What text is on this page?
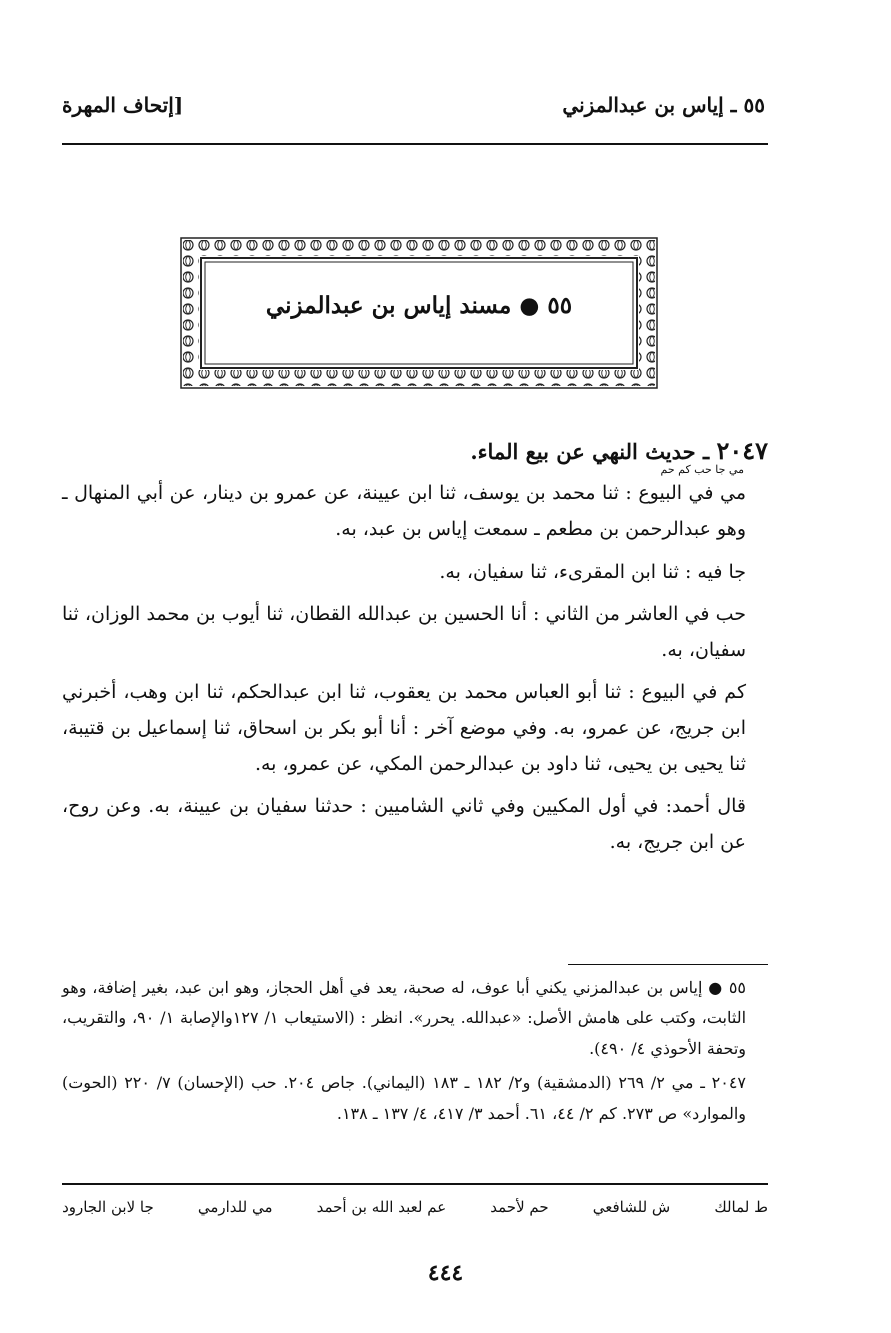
٥٥ ـ إياس بن عبدالمزني
[إتحاف المهرة
٥٥ ● مسند إياس بن عبدالمزني
٢٠٤٧ ـ حديث النهي عن بيع الماء.
مي جا حب كم حم

مي في البيوع : ثنا محمد بن يوسف، ثنا ابن عيينة، عن عمرو بن دينار، عن أبي المنهال ـ وهو عبدالرحمن بن مطعم ـ سمعت إياس بن عبد، به.

جا فيه : ثنا ابن المقرىء، ثنا سفيان، به.

حب في العاشر من الثاني : أنا الحسين بن عبدالله القطان، ثنا أيوب بن محمد الوزان، ثنا سفيان، به.

كم في البيوع : ثنا أبو العباس محمد بن يعقوب، ثنا ابن عبدالحكم، ثنا ابن وهب، أخبرني ابن جريج، عن عمرو، به. وفي موضع آخر : أنا أبو بكر بن اسحاق، ثنا إسماعيل بن قتيبة، ثنا يحيى بن يحيى، ثنا داود بن عبدالرحمن المكي، عن عمرو، به.

قال أحمد: في أول المكيين وفي ثاني الشاميين : حدثنا سفيان بن عيينة، به. وعن روح، عن ابن جريج، به.

٥٥ ● إياس بن عبدالمزني يكني أبا عوف، له صحبة، يعد في أهل الحجاز، وهو ابن عبد، بغير إضافة، وهو الثابت، وكتب على هامش الأصل: «عبدالله. يحرر». انظر : (الاستيعاب ١/ ١٢٧والإصابة ١/ ٩٠، والتقريب، وتحفة الأحوذي ٤/ ٤٩٠).

٢٠٤٧ ـ مي ٢/ ٢٦٩ (الدمشقية) و٢/ ١٨٢ ـ ١٨٣ (اليماني). جاص ٢٠٤. حب (الإحسان) ٧/ ٢٢٠ (الحوت) والموارد» ص ٢٧٣. كم ٢/ ٤٤، ٦١. أحمد ٣/ ٤١٧، ٤/ ١٣٧ ـ ١٣٨.

ط لمالك
ش للشافعي
حم لأحمد
عم لعبد الله بن أحمد
مي للدارمي
جا لابن الجارود
٤٤٤
